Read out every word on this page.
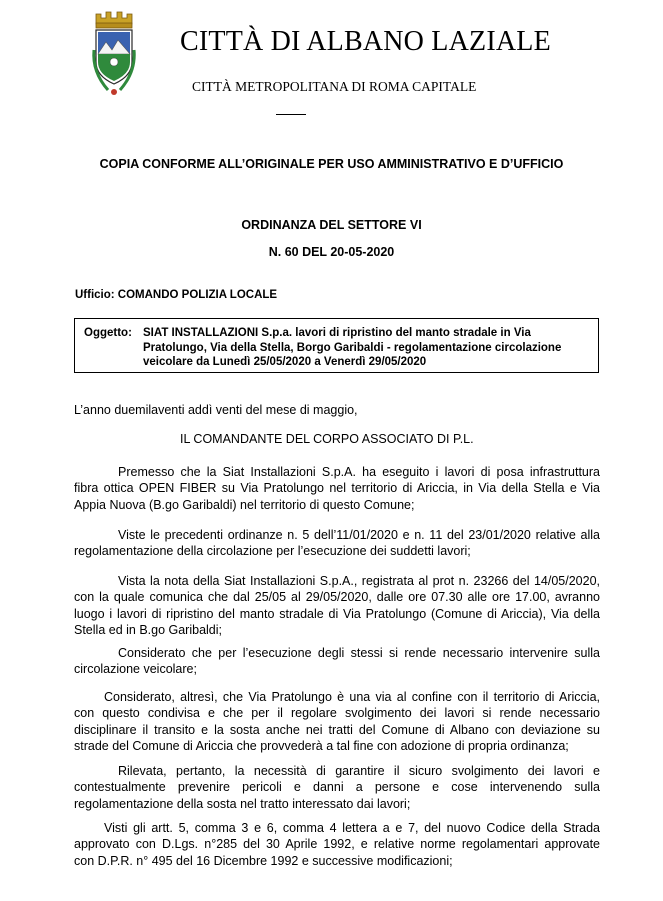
CITTÀ DI ALBANO LAZIALE
CITTÀ METROPOLITANA DI ROMA CAPITALE
COPIA CONFORME ALL’ORIGINALE PER USO AMMINISTRATIVO E D’UFFICIO
ORDINANZA DEL SETTORE VI
N. 60 DEL 20-05-2020
Ufficio: COMANDO POLIZIA LOCALE
Oggetto: SIAT INSTALLAZIONI S.p.a. lavori di ripristino del manto stradale in Via
Pratolungo, Via della Stella, Borgo Garibaldi - regolamentazione circolazione
veicolare da Lunedì 25/05/2020 a Venerdì 29/05/2020
L’anno duemilaventi addì venti del mese di maggio,
IL COMANDANTE DEL CORPO ASSOCIATO DI P.L.
Premesso che la Siat Installazioni S.p.A. ha eseguito i lavori di posa infrastruttura
fibra ottica OPEN FIBER su Via Pratolungo nel territorio di Ariccia, in Via della Stella e Via
Appia Nuova (B.go Garibaldi) nel territorio di questo Comune;
Viste le precedenti ordinanze n. 5 dell’11/01/2020 e n. 11 del 23/01/2020 relative alla
regolamentazione della circolazione per l’esecuzione dei suddetti lavori;
Vista la nota della Siat Installazioni S.p.A., registrata al prot n. 23266 del 14/05/2020,
con la quale comunica che dal 25/05 al 29/05/2020, dalle ore 07.30 alle ore 17.00, avranno
luogo i lavori di ripristino del manto stradale di Via Pratolungo (Comune di Ariccia), Via della
Stella ed in B.go Garibaldi;
Considerato che per l’esecuzione degli stessi si rende necessario intervenire sulla
circolazione veicolare;
Considerato, altresì, che Via Pratolungo è una via al confine con il territorio di Ariccia,
con questo condivisa e che per il regolare svolgimento dei lavori si rende necessario
disciplinare il transito e la sosta anche nei tratti del Comune di Albano con deviazione su
strade del Comune di Ariccia che provvederà a tal fine con adozione di propria ordinanza;
Rilevata, pertanto, la necessità di garantire il sicuro svolgimento dei lavori e
contestualmente prevenire pericoli e danni a persone e cose intervenendo sulla
regolamentazione della sosta nel tratto interessato dai lavori;
Visti gli artt. 5, comma 3 e 6, comma 4 lettera a e 7, del nuovo Codice della Strada
approvato con D.Lgs. n°285 del 30 Aprile 1992, e relative norme regolamentari approvate
con D.P.R. n° 495 del 16 Dicembre 1992 e successive modificazioni;
